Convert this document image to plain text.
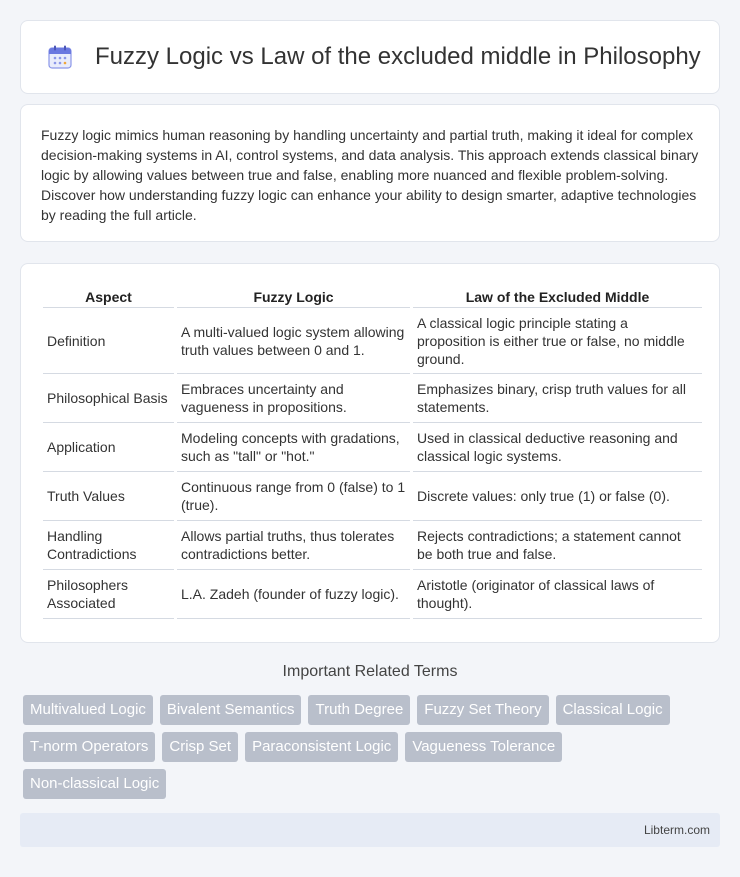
Fuzzy Logic vs Law of the excluded middle in Philosophy

Fuzzy logic mimics human reasoning by handling uncertainty and partial truth, making it ideal for complex decision-making systems in AI, control systems, and data analysis. This approach extends classical binary logic by allowing values between true and false, enabling more nuanced and flexible problem-solving. Discover how understanding fuzzy logic can enhance your ability to design smarter, adaptive technologies by reading the full article.

Aspect	Fuzzy Logic	Law of the Excluded Middle
Definition	A multi-valued logic system allowing truth values between 0 and 1.	A classical logic principle stating a proposition is either true or false, no middle ground.
Philosophical Basis	Embraces uncertainty and vagueness in propositions.	Emphasizes binary, crisp truth values for all statements.
Application	Modeling concepts with gradations, such as "tall" or "hot."	Used in classical deductive reasoning and classical logic systems.
Truth Values	Continuous range from 0 (false) to 1 (true).	Discrete values: only true (1) or false (0).
Handling Contradictions	Allows partial truths, thus tolerates contradictions better.	Rejects contradictions; a statement cannot be both true and false.
Philosophers Associated	L.A. Zadeh (founder of fuzzy logic).	Aristotle (originator of classical laws of thought).
Important Related Terms
Multivalued Logic	Bivalent Semantics	Truth Degree	Fuzzy Set Theory	Classical Logic
T-norm Operators	Crisp Set	Paraconsistent Logic	Vagueness Tolerance
Non-classical Logic
Libterm.com
